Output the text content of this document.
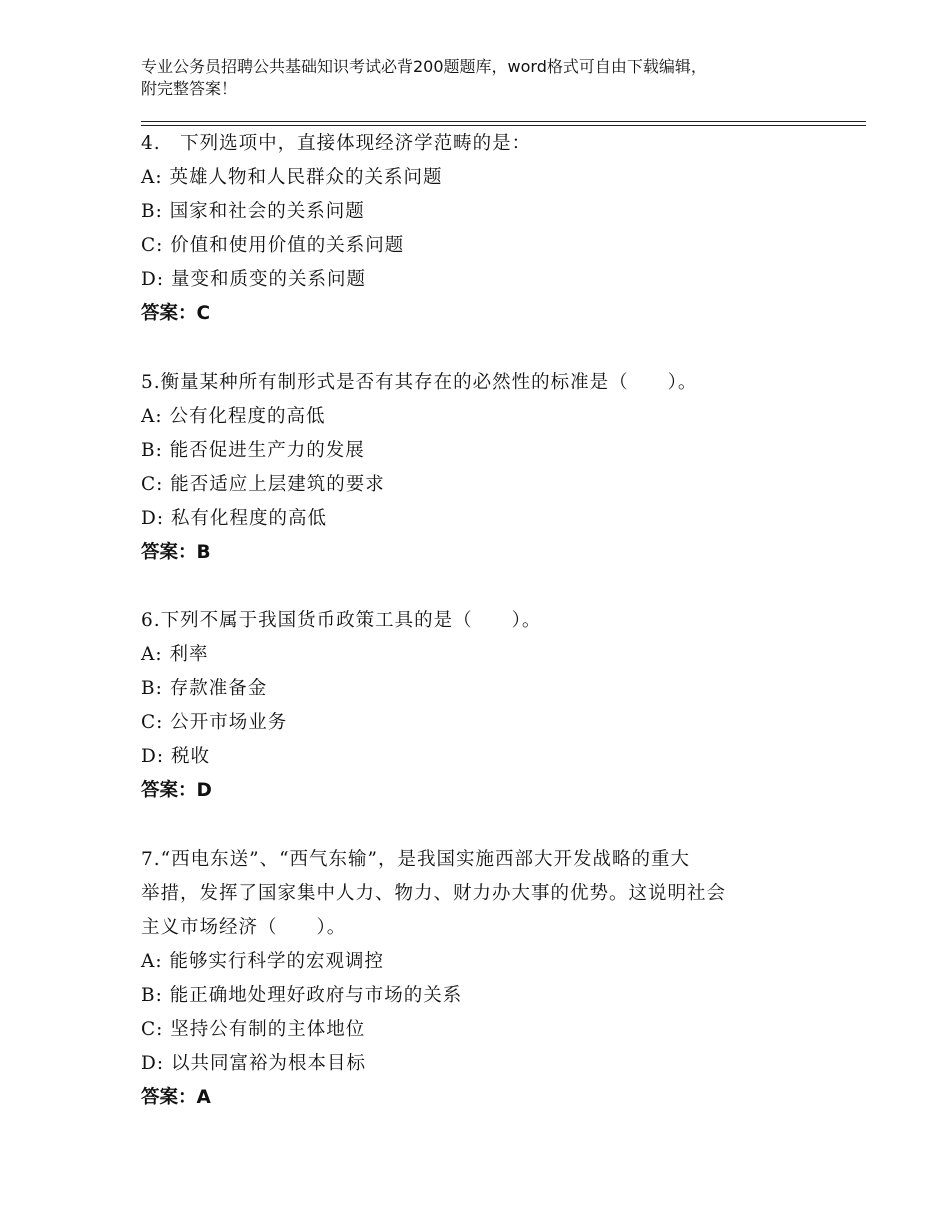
专业公务员招聘公共基础知识考试必背200题题库，word格式可自由下载编辑，
附完整答案！

4.　下列选项中，直接体现经济学范畴的是：

A: 英雄人物和人民群众的关系问题

B: 国家和社会的关系问题

C: 价值和使用价值的关系问题

D: 量变和质变的关系问题

答案：C

5.衡量某种所有制形式是否有其存在的必然性的标准是（　　）。

A: 公有化程度的高低

B: 能否促进生产力的发展

C: 能否适应上层建筑的要求

D: 私有化程度的高低

答案：B

6.下列不属于我国货币政策工具的是（　　）。

A: 利率

B: 存款准备金

C: 公开市场业务

D: 税收

答案：D

7.“西电东送”、“西气东输”，是我国实施西部大开发战略的重大

举措，发挥了国家集中人力、物力、财力办大事的优势。这说明社会

主义市场经济（　　）。

A: 能够实行科学的宏观调控

B: 能正确地处理好政府与市场的关系

C: 坚持公有制的主体地位

D: 以共同富裕为根本目标

答案：A
